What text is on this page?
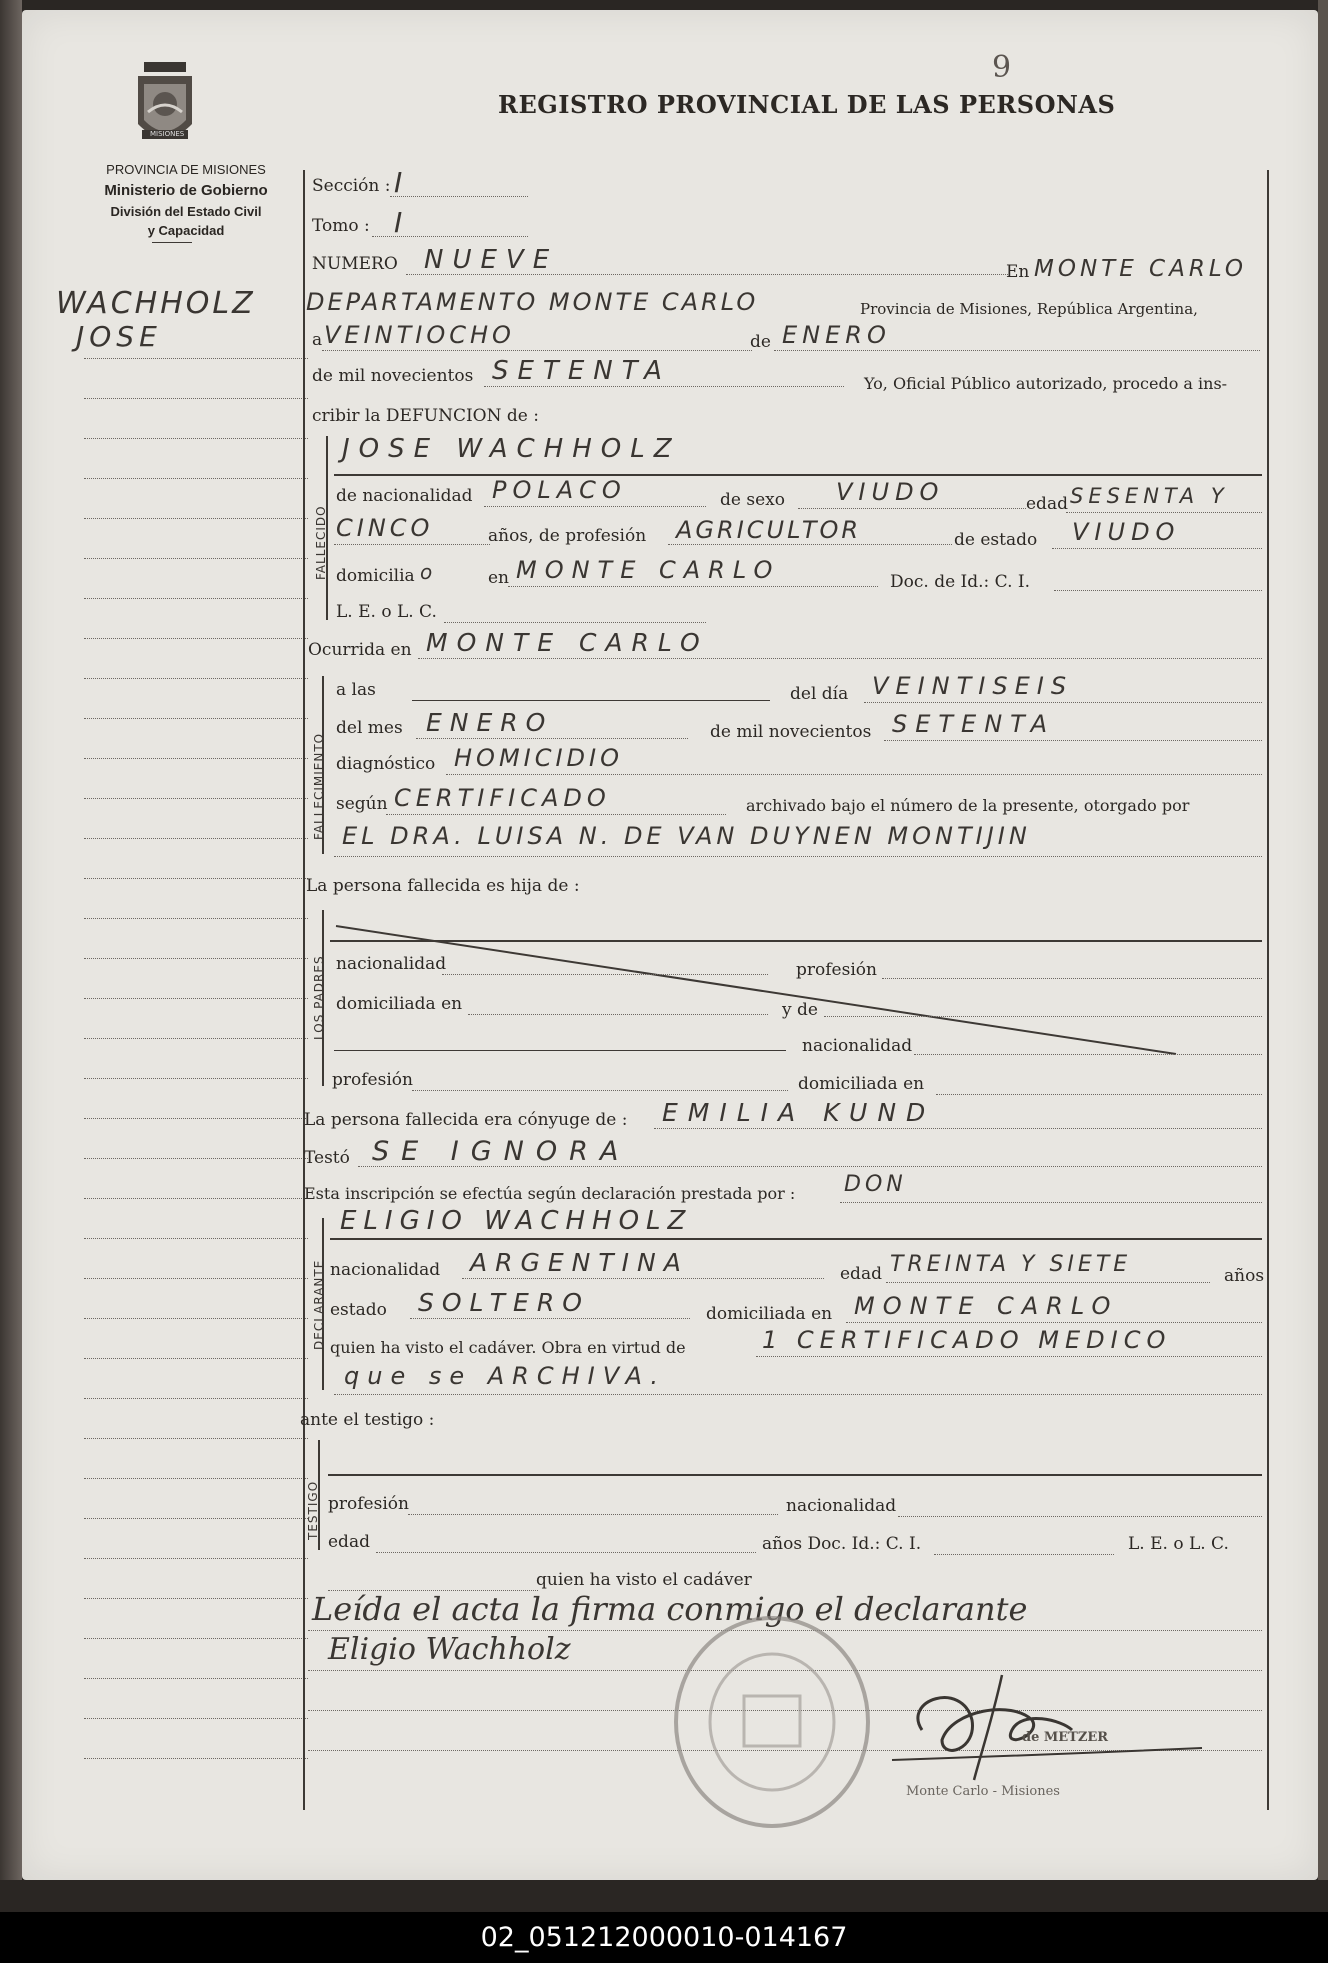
MISIONES
9
REGISTRO PROVINCIAL DE LAS PERSONAS
PROVINCIA DE MISIONES
Ministerio de Gobierno
División del Estado Civil
y Capacidad
WACHHOLZ
JOSE
Sección : I
Tomo : I
NUMERO NUEVE	En MONTE CARLO
DEPARTAMENTO MONTE CARLO	Provincia de Misiones, República Argentina,
a VEINTIOCHO	de ENERO
de mil novecientos SETENTA	Yo, Oficial Público autorizado, procedo a ins-
cribir la DEFUNCION de :
FALLECIDO
JOSE WACHHOLZ
de nacionalidad POLACO	de sexo VIUDO	edad SESENTA Y
CINCO	años, de profesión AGRICULTOR	de estado VIUDO
domicilia o	en MONTE CARLO	Doc. de Id.: C. I.
L. E. o L. C.
Ocurrida en MONTE CARLO
FALLECIMIENTO
a las	del día VEINTISEIS
del mes ENERO	de mil novecientos SETENTA
diagnóstico HOMICIDIO
según CERTIFICADO	archivado bajo el número de la presente, otorgado por
EL DRA. LUISA N. DE VAN DUYNEN MONTIJIN
La persona fallecida es hija de :
LOS PADRES nacionalidad	profesión
domiciliada en	y de
nacionalidad
profesión	domiciliada en
La persona fallecida era cónyuge de : EMILIA KUND
Testó SE IGNORA
Esta inscripción se efectúa según declaración prestada por : DON
DECLARANTE
ELIGIO WACHHOLZ
nacionalidad ARGENTINA	edad TREINTA Y SIETE	años
estado SOLTERO	domiciliada en MONTE CARLO
quien ha visto el cadáver. Obra en virtud de	1 CERTIFICADO MEDICO
que se ARCHIVA.
ante el testigo :
TESTIGO profesión	nacionalidad
edad	años Doc. Id.: C. I.	L. E. o L. C.
quien ha visto el cadáver
Leída el acta la firma conmigo el declarante
Eligio Wachholz
de METZER
Monte Carlo - Misiones
02_051212000010-014167
